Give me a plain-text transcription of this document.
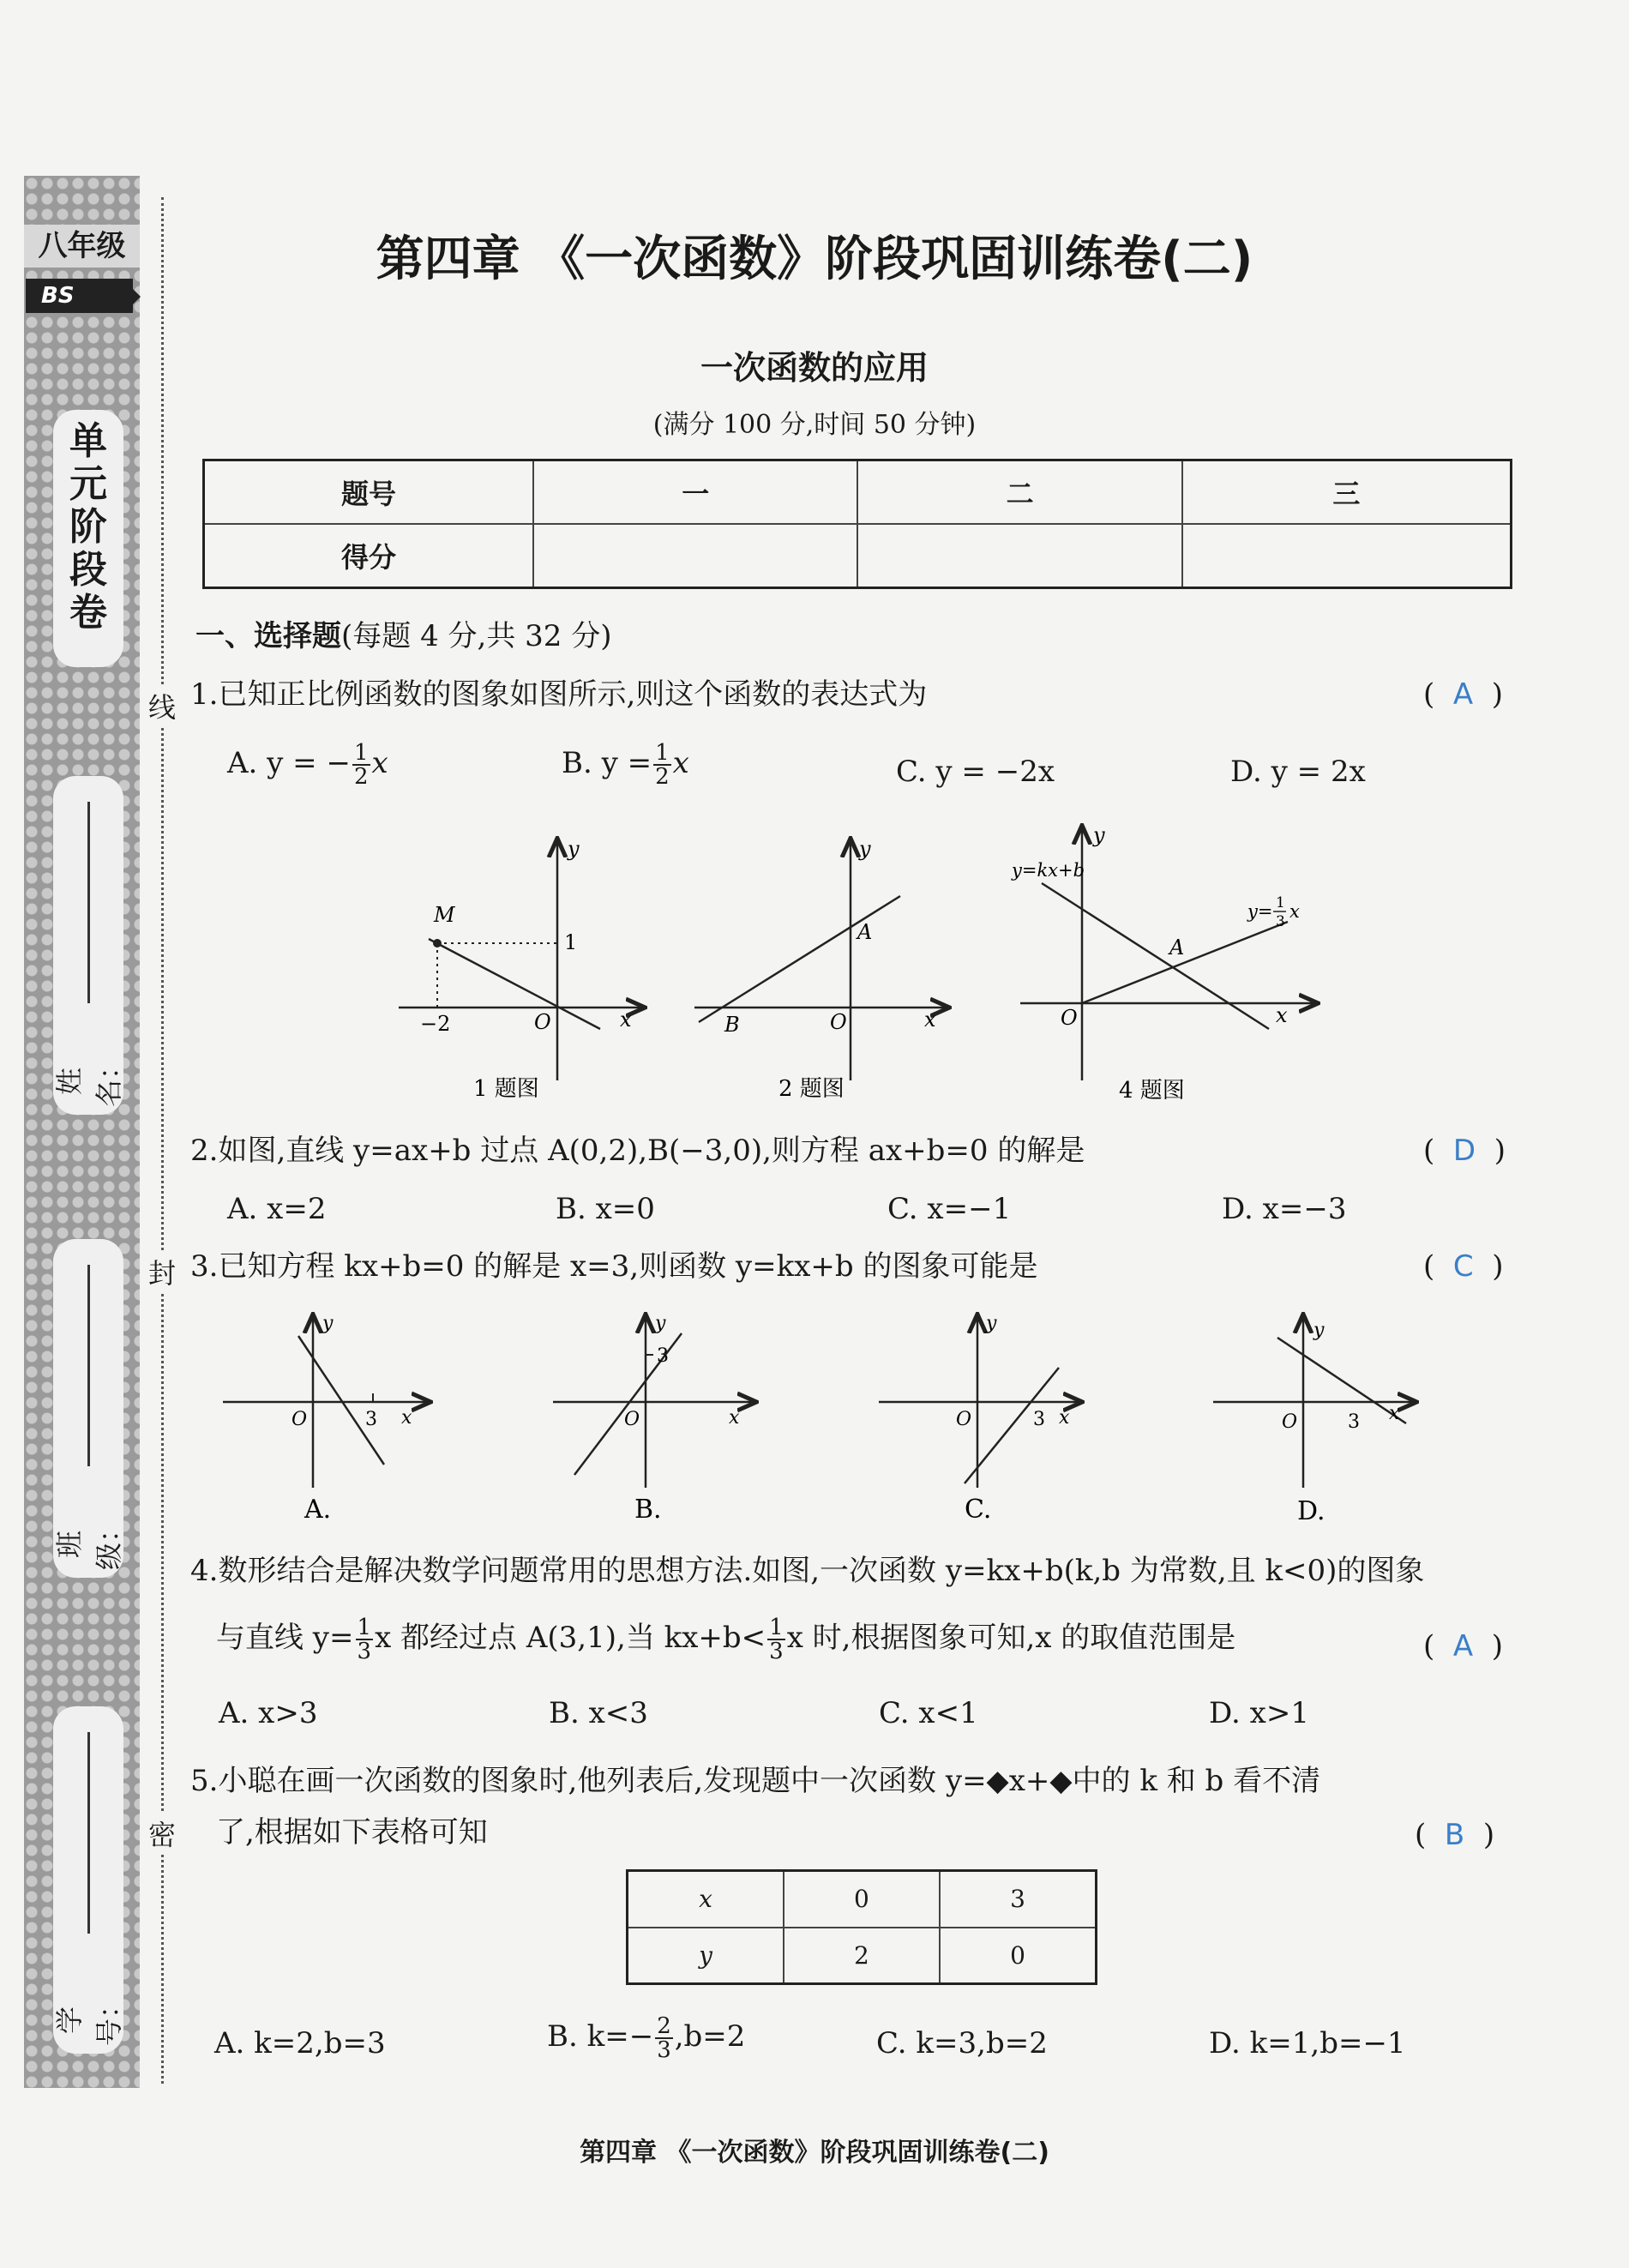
八年级
BS
单
元
阶
段
卷
姓名：
班级：
学号：
线
封
密
第四章 《一次函数》阶段巩固训练卷(二)
一次函数的应用
(满分 100 分,时间 50 分钟)
题号	一	二	三
得分			
一、选择题(每题 4 分,共 32 分)
1.已知正比例函数的图象如图所示,则这个函数的表达式为	(  A  )
A. y = − $\frac{1}{2}$ x	B. $y = \frac{1}{2}$ x	C. y = −2x	D. y = 2x
M
y
x
O
1
−2
1 题图
y
x
O
A
B
2 题图
y
x
O
A
y=kx+b
y= 1
3 x
4 题图
2.如图,直线 y=ax+b 过点 A(0,2),B(−3,0),则方程 ax+b=0 的解是	(  D  )
A. x=2	B. x=0	C. x=−1	D. x=−3
3.已知方程 kx+b=0 的解是 x=3,则函数 y=kx+b 的图象可能是	(  C  )
y
O	3 x
A.
y
O
3
x
B.
y
O	3 x
C.
y
O	3 x
D.
4.数形结合是解决数学问题常用的思想方法.如图,一次函数 y=kx+b(k,b 为常数,且 k<0)的图象
与直线 $y= \frac{1}{3}$ x 都经过点 A(3,1),当 $kx+b< \frac{1}{3}$ x 时,根据图象可知,x 的取值范围是	(  A  )
A. x>3	B. x<3	C. x<1	D. x>1
5.小聪在画一次函数的图象时,他列表后,发现题中一次函数 y=◆x+◆中的 k 和 b 看不清
了,根据如下表格可知	(  B  )
x	0	3
y	2	0
A. k=2,b=3	B. $k=- \frac{2}{3} ,b=2$	C. k=3,b=2	D. k=1,b=−1
第四章 《一次函数》阶段巩固训练卷(二)
